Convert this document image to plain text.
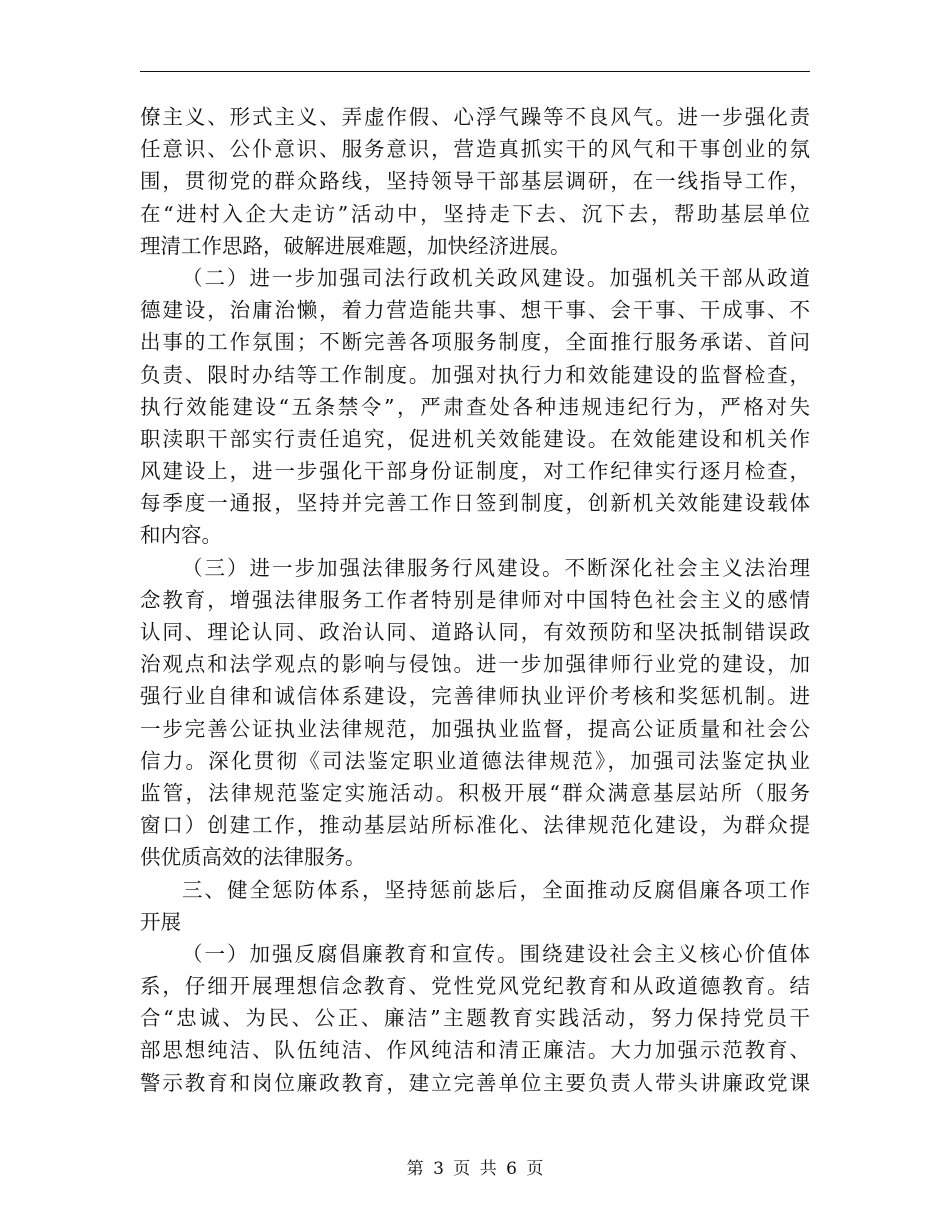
僚主义、形式主义、弄虚作假、心浮气躁等不良风气。进一步强化责
任意识、公仆意识、服务意识，营造真抓实干的风气和干事创业的氛
围，贯彻党的群众路线，坚持领导干部基层调研，在一线指导工作，
在“进村入企大走访”活动中，坚持走下去、沉下去，帮助基层单位
理清工作思路，破解进展难题，加快经济进展。
（二）进一步加强司法行政机关政风建设。加强机关干部从政道
德建设，治庸治懒，着力营造能共事、想干事、会干事、干成事、不
出事的工作氛围；不断完善各项服务制度，全面推行服务承诺、首问
负责、限时办结等工作制度。加强对执行力和效能建设的监督检查，
执行效能建设“五条禁令”，严肃查处各种违规违纪行为，严格对失
职渎职干部实行责任追究，促进机关效能建设。在效能建设和机关作
风建设上，进一步强化干部身份证制度，对工作纪律实行逐月检查，
每季度一通报，坚持并完善工作日签到制度，创新机关效能建设载体
和内容。
（三）进一步加强法律服务行风建设。不断深化社会主义法治理
念教育，增强法律服务工作者特别是律师对中国特色社会主义的感情
认同、理论认同、政治认同、道路认同，有效预防和坚决抵制错误政
治观点和法学观点的影响与侵蚀。进一步加强律师行业党的建设，加
强行业自律和诚信体系建设，完善律师执业评价考核和奖惩机制。进
一步完善公证执业法律规范，加强执业监督，提高公证质量和社会公
信力。深化贯彻《司法鉴定职业道德法律规范》，加强司法鉴定执业
监管，法律规范鉴定实施活动。积极开展“群众满意基层站所（服务
窗口）创建工作，推动基层站所标准化、法律规范化建设，为群众提
供优质高效的法律服务。
三、健全惩防体系，坚持惩前毖后，全面推动反腐倡廉各项工作
开展
（一）加强反腐倡廉教育和宣传。围绕建设社会主义核心价值体
系，仔细开展理想信念教育、党性党风党纪教育和从政道德教育。结
合“忠诚、为民、公正、廉洁”主题教育实践活动，努力保持党员干
部思想纯洁、队伍纯洁、作风纯洁和清正廉洁。大力加强示范教育、
警示教育和岗位廉政教育，建立完善单位主要负责人带头讲廉政党课
第 3 页 共 6 页
